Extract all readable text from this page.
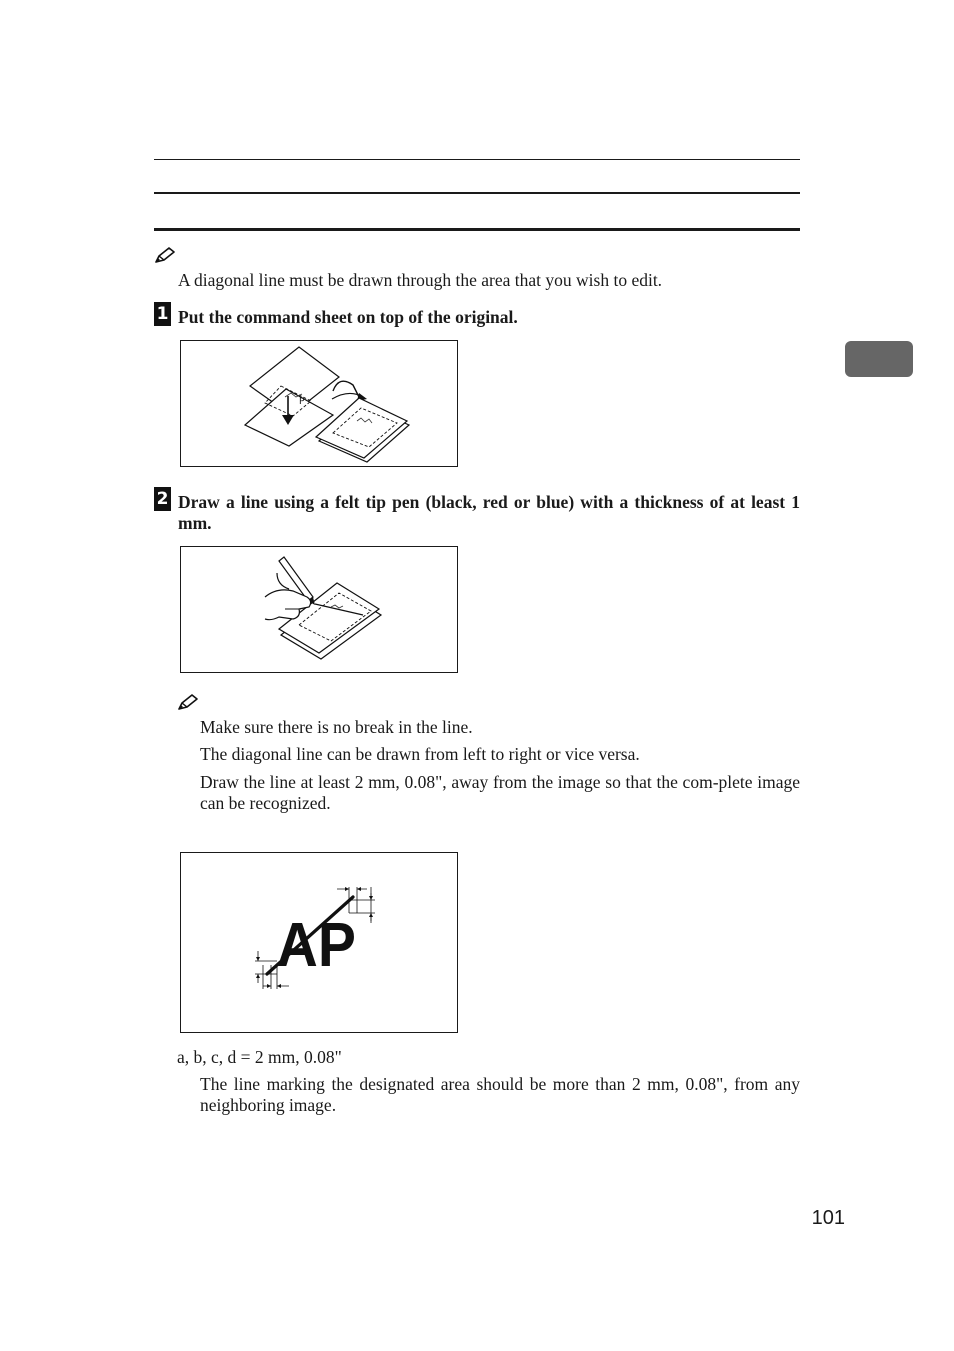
A diagonal line must be drawn through the area that you wish to edit.
1 Put the command sheet on top of the original.
P
2 Draw a line using a felt tip pen (black, red or blue) with a thickness of at least 1 mm.
Make sure there is no break in the line.
The diagonal line can be drawn from left to right or vice versa.
Draw the line at least 2 mm, 0.08", away from the image so that the com-plete image can be recognized.
AP
a, b, c, d = 2 mm, 0.08"
The line marking the designated area should be more than 2 mm, 0.08", from any neighboring image.
101
